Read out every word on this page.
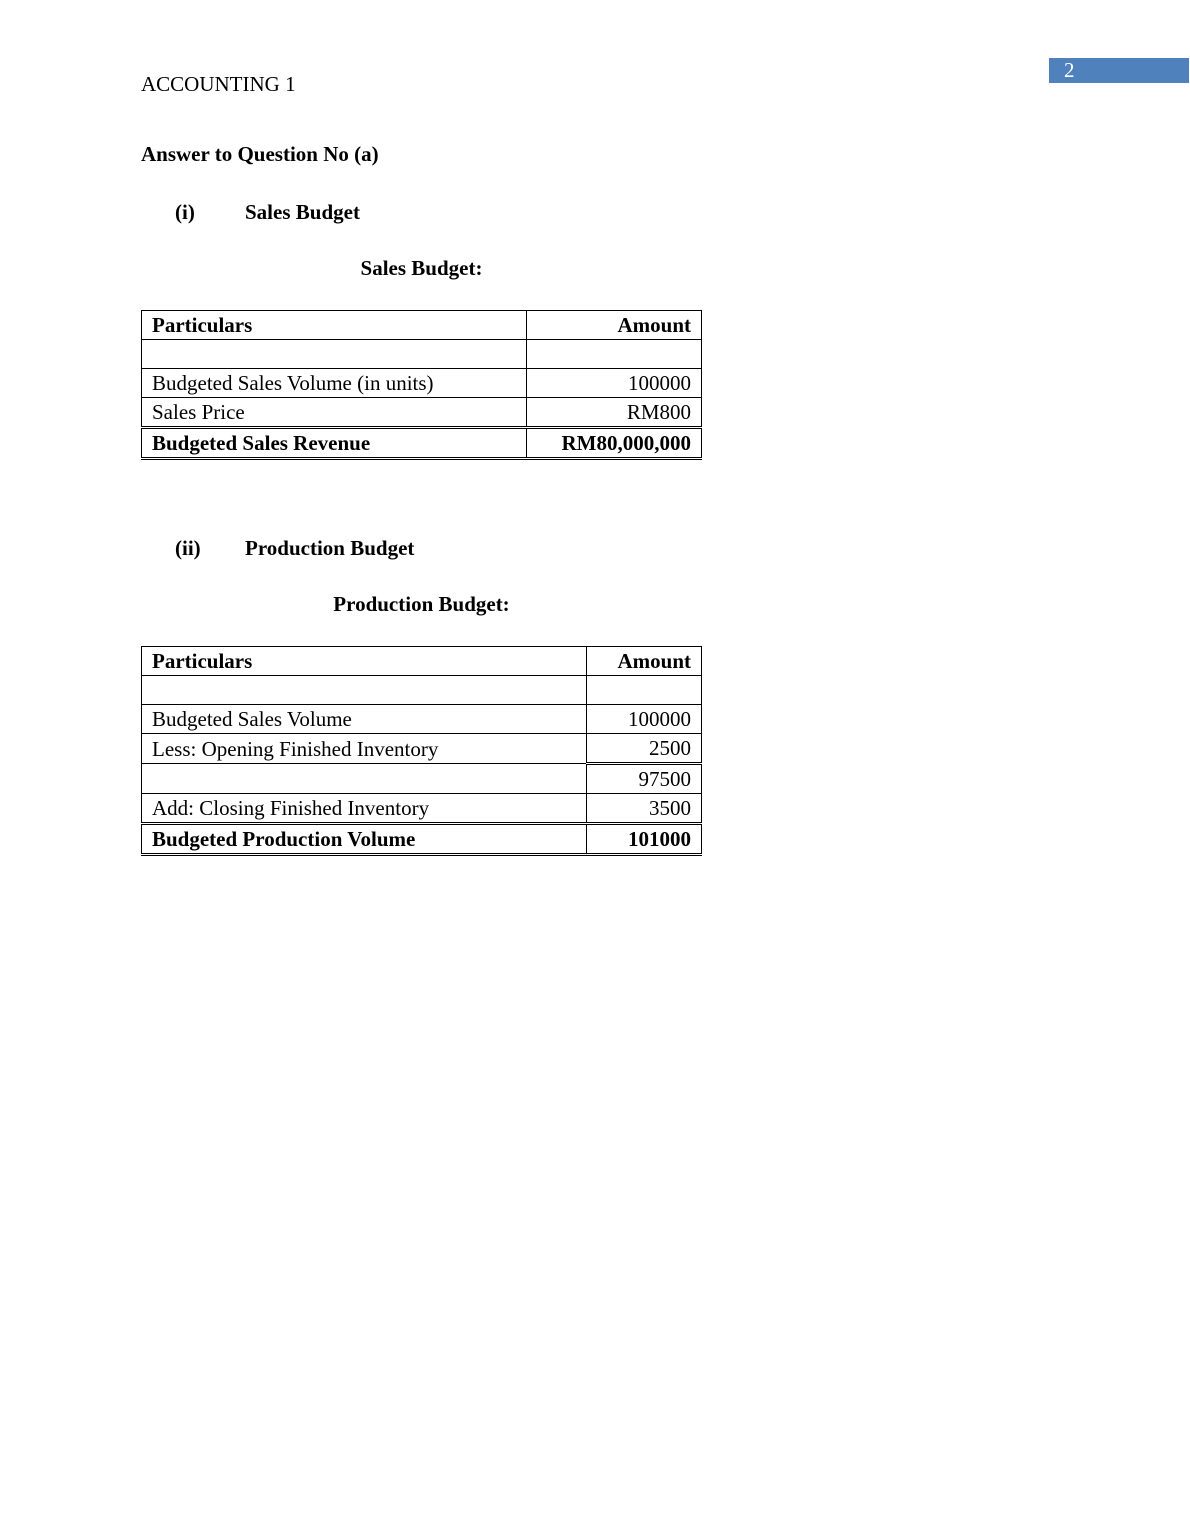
2
ACCOUNTING 1
Answer to Question No (a)
(i) Sales Budget
Sales Budget:
Particulars	Amount

Budgeted Sales Volume (in units)	100000
Sales Price	RM800
Budgeted Sales Revenue	RM80,000,000
(ii) Production Budget
Production Budget:
Particulars	Amount

Budgeted Sales Volume	100000
Less: Opening Finished Inventory	2500
	97500
Add: Closing Finished Inventory	3500
Budgeted Production Volume	101000
